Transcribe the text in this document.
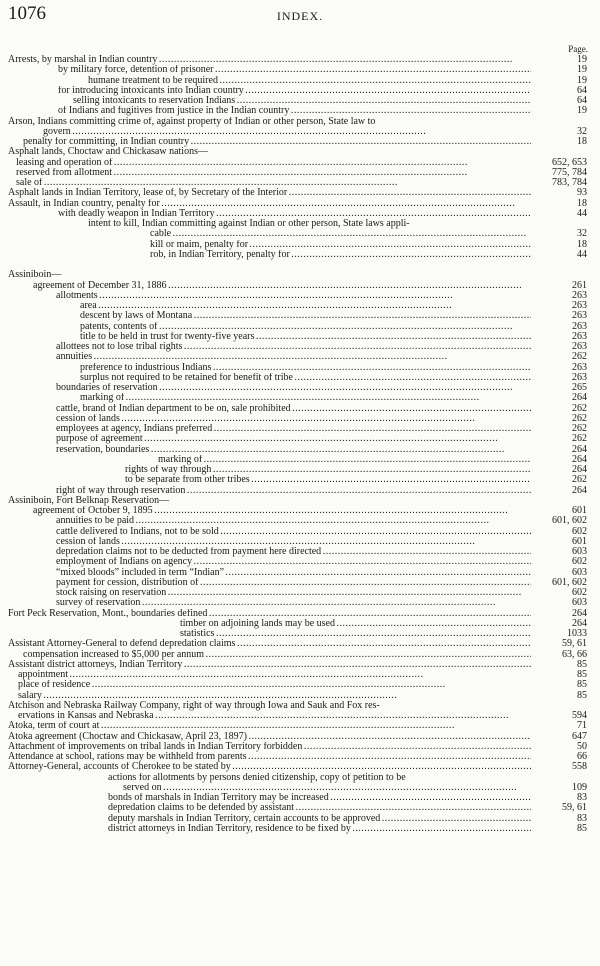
1076	INDEX.
Page.
Arrests, by marshal in Indian country . . .	19
by military force, detention of prisoner . . .	19
humane treatment to be required . . .	19
for introducing intoxicants into Indian country . . .	64
selling intoxicants to reservation Indians . . .	64
of Indians and fugitives from justice in the Indian country . . .	19
Arson, Indians committing crime of, against property of Indian or other person, State law to
govern . . .	32
penalty for committing, in Indian country . . .	18
Asphalt lands, Choctaw and Chickasaw nations—
leasing and operation of . . .	652, 653
reserved from allotment . . .	775, 784
sale of . . .	783, 784
Asphalt lands in Indian Territory, lease of, by Secretary of the Interior . . .	93
Assault, in Indian country, penalty for . . .	18
with deadly weapon in Indian Territory . . .	44
intent to kill, Indian committing against Indian or other person, State laws appli-
cable . . .	32
kill or maim, penalty for . . .	18
rob, in Indian Territory, penalty for . . .	44
Assiniboin—
agreement of December 31, 1886 . . .	261
allotments . . .	263
area . . .	263
descent by laws of Montana . . .	263
patents, contents of . . .	263
title to be held in trust for twenty-five years . . .	263
allottees not to lose tribal rights . . .	263
annuities . . .	262
preference to industrious Indians . . .	263
surplus not required to be retained for benefit of tribe . . .	263
boundaries of reservation . . .	265
marking of . . .	264
cattle, brand of Indian department to be on, sale prohibited . . .	262
cession of lands . . .	262
employees at agency, Indians preferred . . .	262
purpose of agreement . . .	262
reservation, boundaries . . .	264
marking of . . .	264
rights of way through . . .	264
to be separate from other tribes . . .	262
right of way through reservation . . .	264
Assiniboin, Fort Belknap Reservation—
agreement of October 9, 1895 . . .	601
annuities to be paid . . .	601, 602
cattle delivered to Indians, not to be sold . . .	602
cession of lands . . .	601
depredation claims not to be deducted from payment here directed . . .	603
employment of Indians on agency . . .	602
“mixed bloods” included in term “Indian” . . .	603
payment for cession, distribution of . . .	601, 602
stock raising on reservation . . .	602
survey of reservation . . .	603
Fort Peck Reservation, Mont., boundaries defined . . .	264
timber on adjoining lands may be used . . .	264
statistics . . .	1033
Assistant Attorney-General to defend depredation claims . . .	59, 61
compensation increased to $5,000 per annum . . .	63, 66
Assistant district attorneys, Indian Territory . . .	85
appointment . . .	85
place of residence . . .	85
salary . . .	85
Atchison and Nebraska Railway Company, right of way through Iowa and Sauk and Fox res-
ervations in Kansas and Nebraska . . .	594
Atoka, term of court at . . .	71
Atoka agreement (Choctaw and Chickasaw, April 23, 1897) . . .	647
Attachment of improvements on tribal lands in Indian Territory forbidden . . .	50
Attendance at school, rations may be withheld from parents . . .	66
Attorney-General, accounts of Cherokee to be stated by . . .	558
actions for allotments by persons denied citizenship, copy of petition to be
served on . . .	109
bonds of marshals in Indian Territory may be increased . . .	83
depredation claims to be defended by assistant . . .	59, 61
deputy marshals in Indian Territory, certain accounts to be approved . . .	83
district attorneys in Indian Territory, residence to be fixed by . . .	85
